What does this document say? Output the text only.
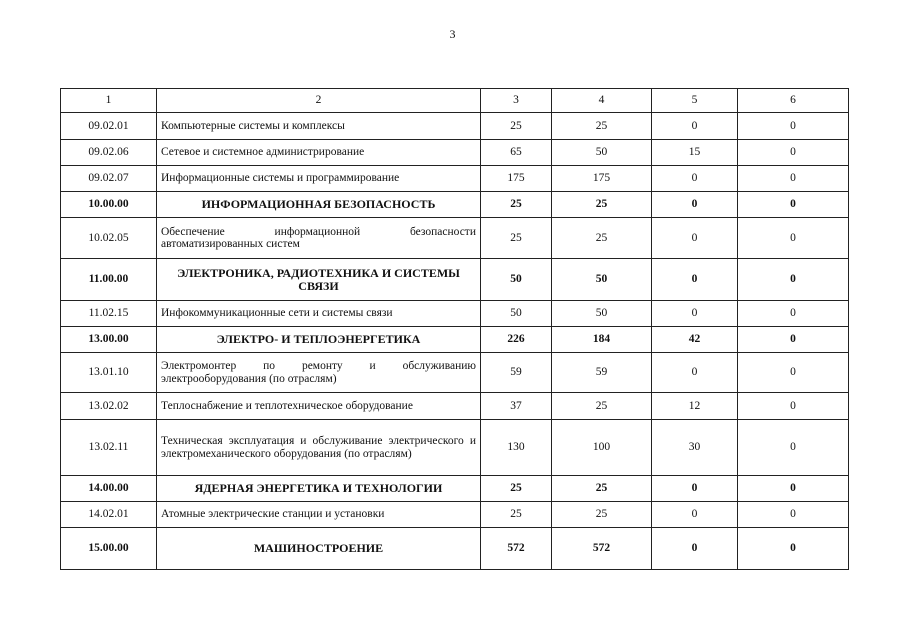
3
1	2	3	4	5	6
09.02.01	Компьютерные системы и комплексы	25	25	0	0
09.02.06	Сетевое и системное администрирование	65	50	15	0
09.02.07	Информационные системы и программирование	175	175	0	0
10.00.00	ИНФОРМАЦИОННАЯ БЕЗОПАСНОСТЬ	25	25	0	0
10.02.05	Обеспечение информационной безопасности автоматизированных систем	25	25	0	0
11.00.00	ЭЛЕКТРОНИКА, РАДИОТЕХНИКА И СИСТЕМЫ СВЯЗИ	50	50	0	0
11.02.15	Инфокоммуникационные сети и системы связи	50	50	0	0
13.00.00	ЭЛЕКТРО- И ТЕПЛОЭНЕРГЕТИКА	226	184	42	0
13.01.10	Электромонтер по ремонту и обслуживанию электрооборудования (по отраслям)	59	59	0	0
13.02.02	Теплоснабжение и теплотехническое оборудование	37	25	12	0
13.02.11	Техническая эксплуатация и обслуживание электрического и электромеханического оборудования (по отраслям)	130	100	30	0
14.00.00	ЯДЕРНАЯ ЭНЕРГЕТИКА И ТЕХНОЛОГИИ	25	25	0	0
14.02.01	Атомные электрические станции и установки	25	25	0	0
15.00.00	МАШИНОСТРОЕНИЕ	572	572	0	0
